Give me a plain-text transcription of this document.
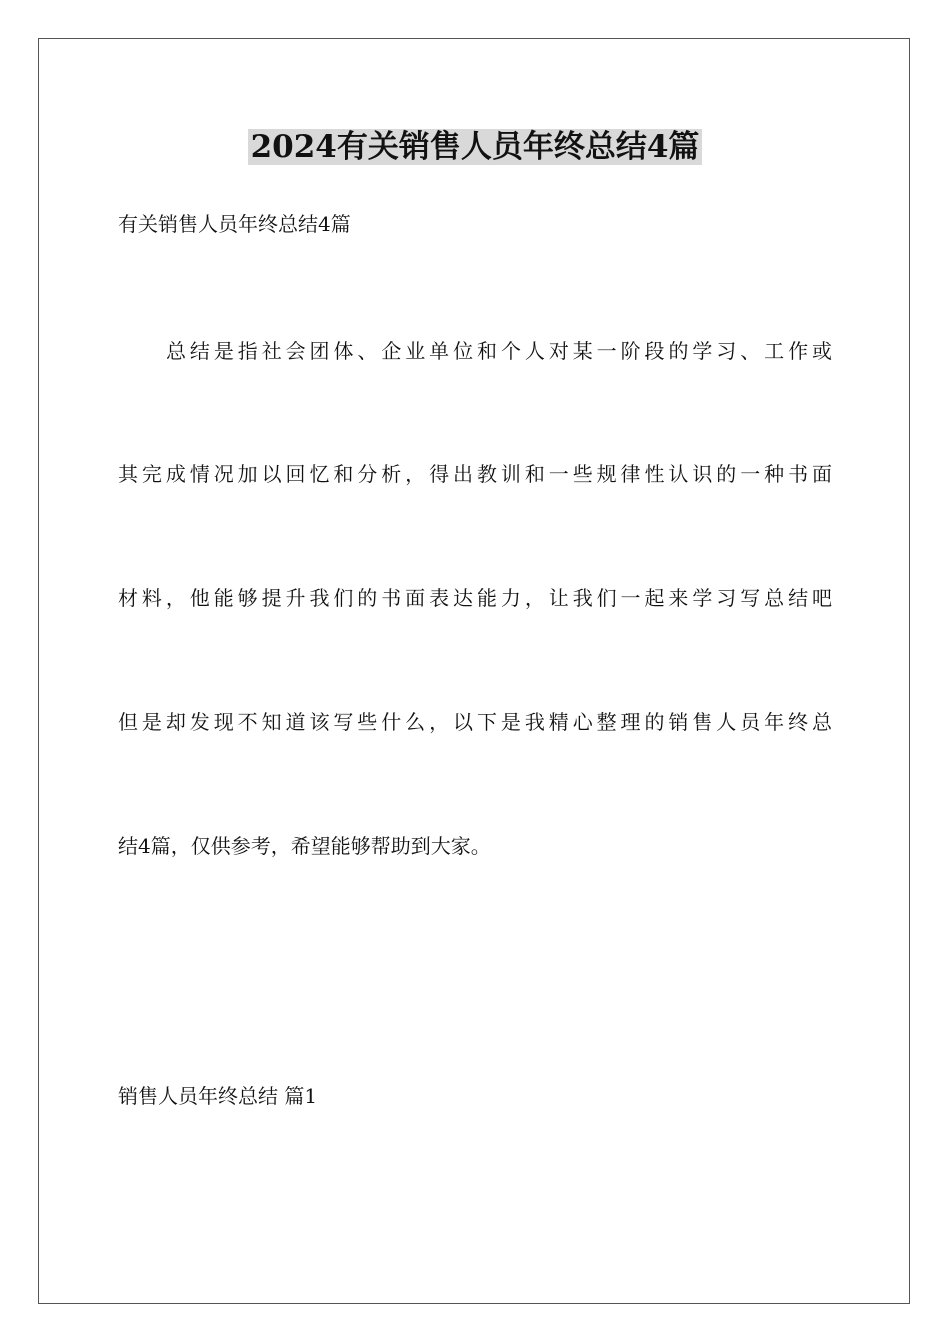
2024有关销售人员年终总结4篇
有关销售人员年终总结4篇
总结是指社会团体、企业单位和个人对某一阶段的学习、工作或
其完成情况加以回忆和分析，得出教训和一些规律性认识的一种书面
材料，他能够提升我们的书面表达能力，让我们一起来学习写总结吧
但是却发现不知道该写些什么，以下是我精心整理的销售人员年终总
结4篇，仅供参考，希望能够帮助到大家。
销售人员年终总结 篇1
